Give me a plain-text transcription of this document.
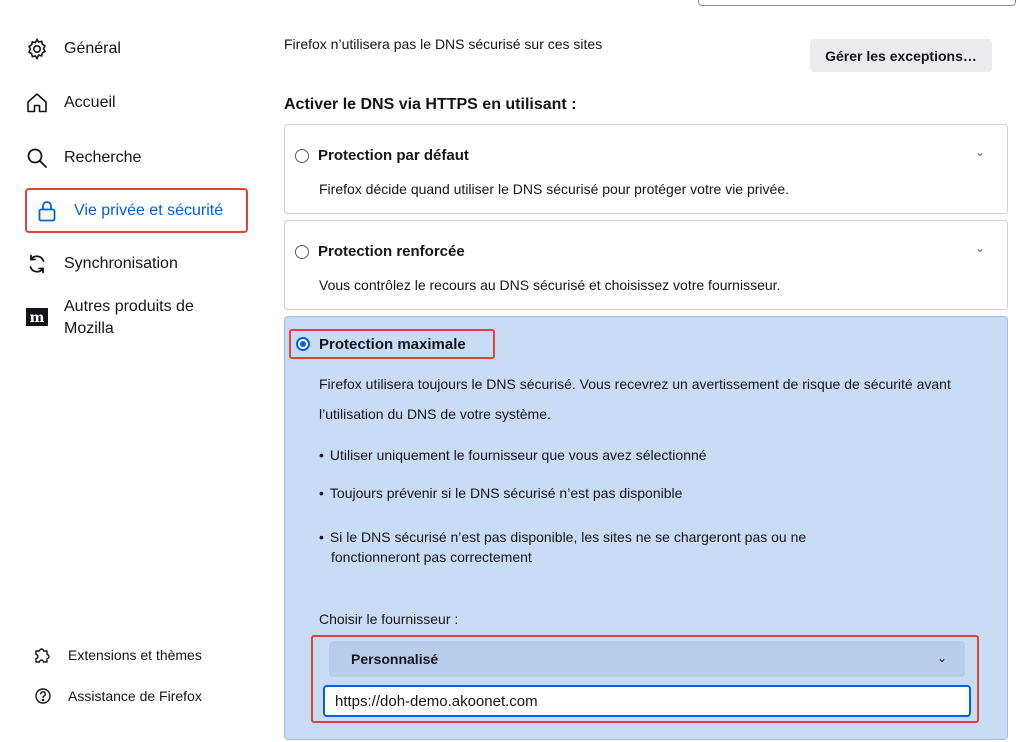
Général
Accueil
Recherche
Vie privée et sécurité
Synchronisation
m
Autres produits de
Mozilla
Extensions et thèmes
Assistance de Firefox
Firefox n’utilisera pas le DNS sécurisé sur ces sites
Gérer les exceptions…
Activer le DNS via HTTPS en utilisant :
Protection par défaut	⌄
Firefox décide quand utiliser le DNS sécurisé pour protéger votre vie privée.
Protection renforcée	⌄
Vous contrôlez le recours au DNS sécurisé et choisissez votre fournisseur.
Protection maximale
Firefox utilisera toujours le DNS sécurisé. Vous recevrez un avertissement de risque de sécurité avant l’utilisation du DNS de votre système.
• Utiliser uniquement le fournisseur que vous avez sélectionné
• Toujours prévenir si le DNS sécurisé n’est pas disponible
• Si le DNS sécurisé n’est pas disponible, les sites ne se chargeront pas ou ne
fonctionneront pas correctement
Choisir le fournisseur :
Personnalisé	⌄
https://doh-demo.akoonet.com
